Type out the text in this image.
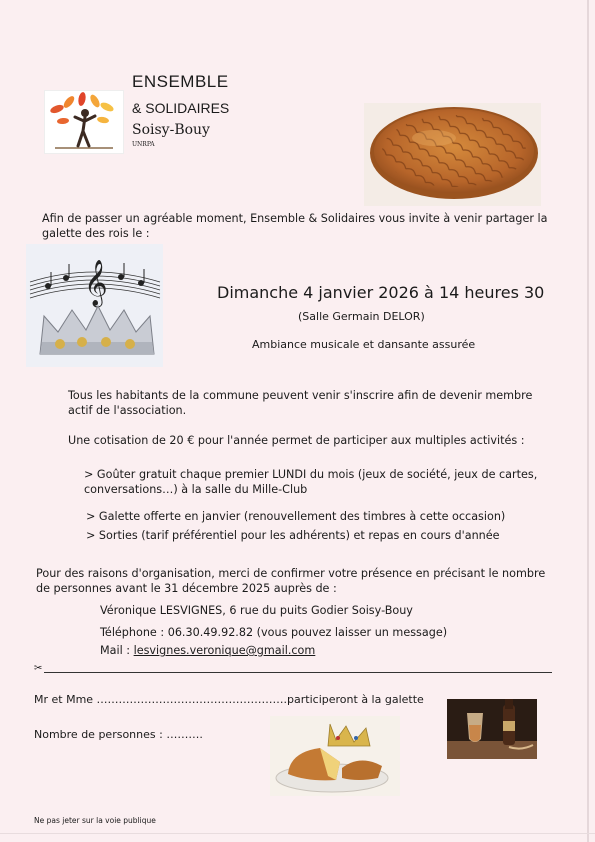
ENSEMBLE
& SOLIDAIRES
Soisy-Bouy
UNRPA
𝄞
Afin de passer un agréable moment, Ensemble & Solidaires vous invite à venir partager la galette des rois le :
Dimanche 4 janvier 2026 à 14 heures 30
(Salle Germain DELOR)
Ambiance musicale et dansante assurée
Tous les habitants de la commune peuvent venir s'inscrire afin de devenir membre actif de l'association.
Une cotisation de 20 € pour l'année permet de participer aux multiples activités :
> Goûter gratuit chaque premier LUNDI du mois (jeux de société, jeux de cartes, conversations…) à la salle du Mille-Club
> Galette offerte en janvier (renouvellement des timbres à cette occasion)
> Sorties (tarif préférentiel pour les adhérents) et repas en cours d'année
Pour des raisons d'organisation, merci de confirmer votre présence en précisant le nombre de personnes avant le 31 décembre 2025 auprès de :
Véronique LESVIGNES, 6 rue du puits Godier Soisy-Bouy
Téléphone : 06.30.49.92.82 (vous pouvez laisser un message)
Mail : lesvignes.veronique@gmail.com
✂
Mr et Mme …………………………………………….participeront à la galette
Nombre de personnes : ……….
Ne pas jeter sur la voie publique
